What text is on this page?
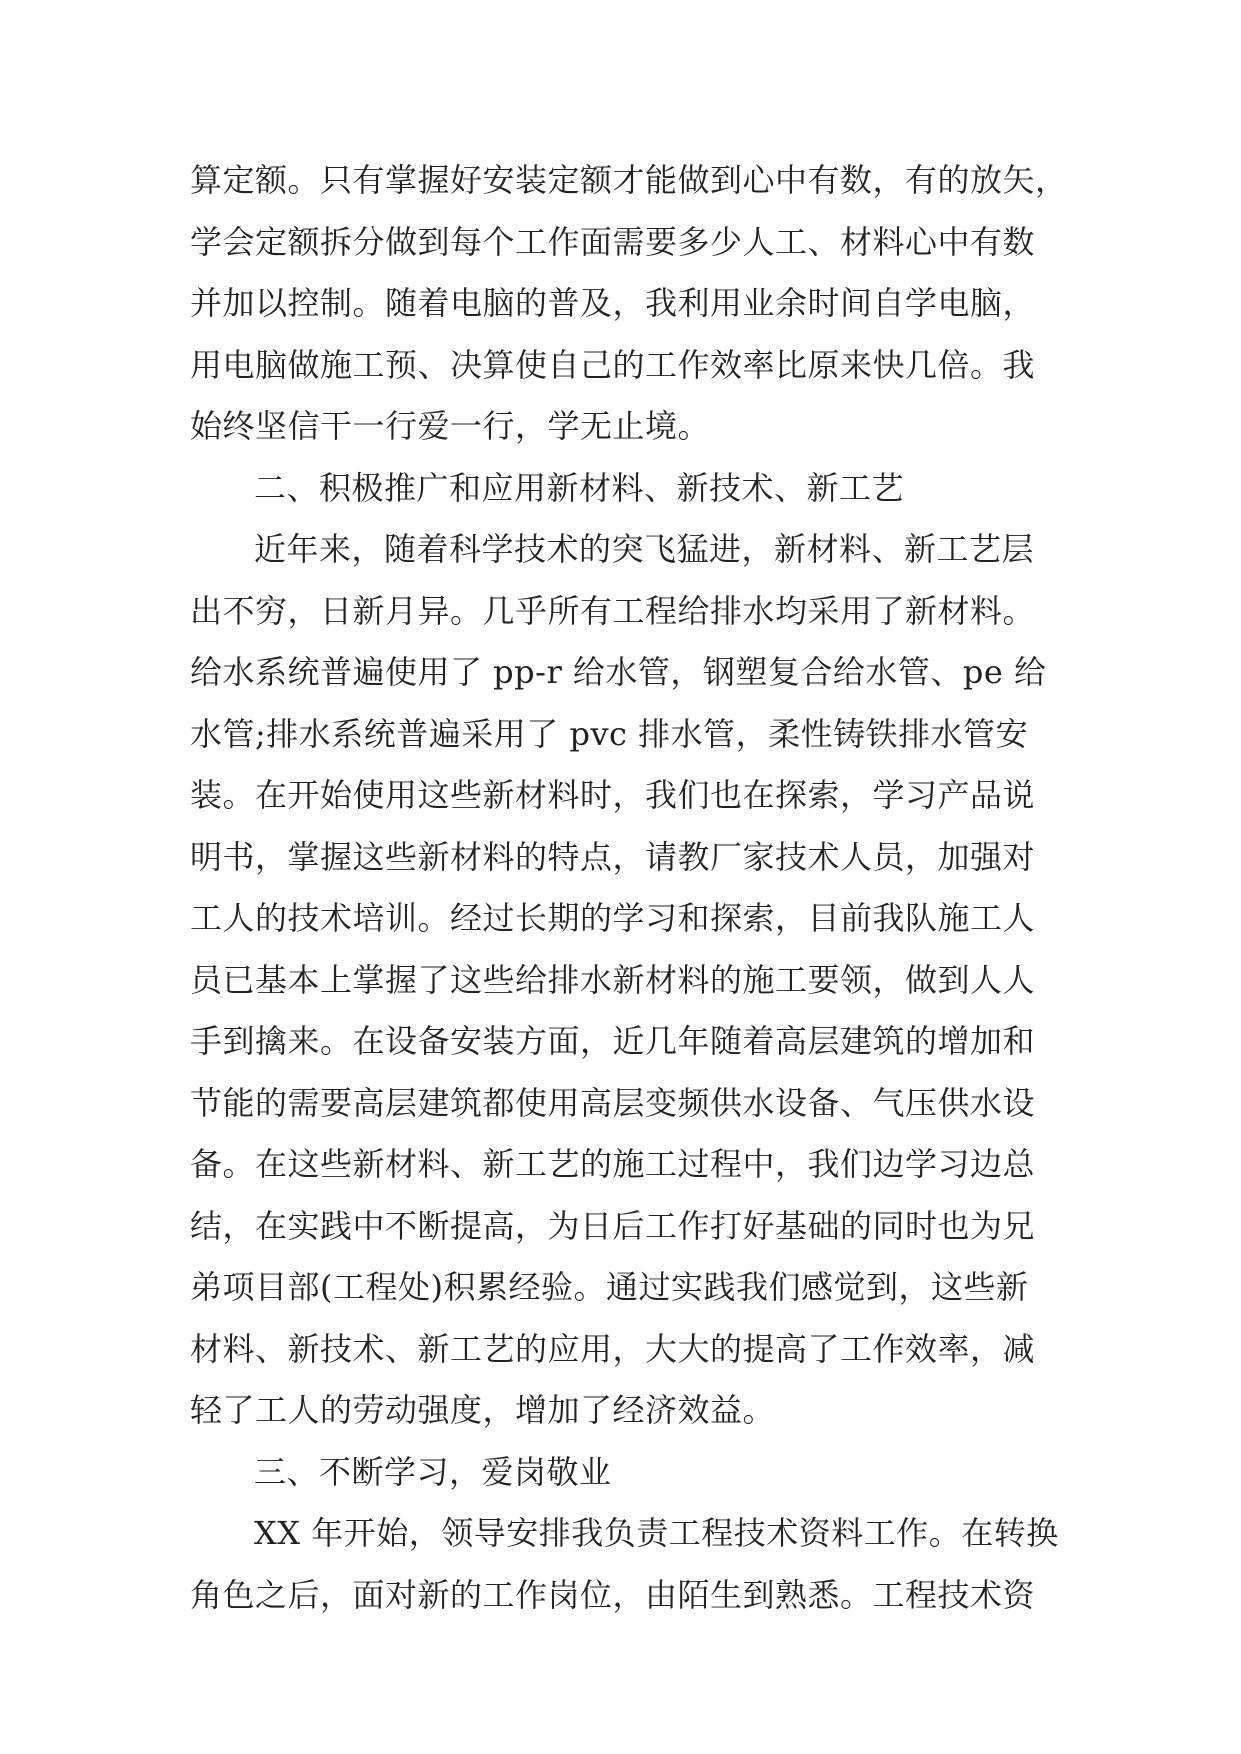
算定额。只有掌握好安装定额才能做到心中有数，有的放矢，
学会定额拆分做到每个工作面需要多少人工、材料心中有数
并加以控制。随着电脑的普及，我利用业余时间自学电脑，
用电脑做施工预、决算使自己的工作效率比原来快几倍。我
始终坚信干一行爱一行，学无止境。
二、积极推广和应用新材料、新技术、新工艺
近年来，随着科学技术的突飞猛进，新材料、新工艺层
出不穷，日新月异。几乎所有工程给排水均采用了新材料。
给水系统普遍使用了 pp-r 给水管，钢塑复合给水管、pe 给
水管;排水系统普遍采用了 pvc 排水管，柔性铸铁排水管安
装。在开始使用这些新材料时，我们也在探索，学习产品说
明书，掌握这些新材料的特点，请教厂家技术人员，加强对
工人的技术培训。经过长期的学习和探索，目前我队施工人
员已基本上掌握了这些给排水新材料的施工要领，做到人人
手到擒来。在设备安装方面，近几年随着高层建筑的增加和
节能的需要高层建筑都使用高层变频供水设备、气压供水设
备。在这些新材料、新工艺的施工过程中，我们边学习边总
结，在实践中不断提高，为日后工作打好基础的同时也为兄
弟项目部(工程处)积累经验。通过实践我们感觉到，这些新
材料、新技术、新工艺的应用，大大的提高了工作效率，减
轻了工人的劳动强度，增加了经济效益。
三、不断学习，爱岗敬业
XX 年开始，领导安排我负责工程技术资料工作。在转换
角色之后，面对新的工作岗位，由陌生到熟悉。工程技术资
